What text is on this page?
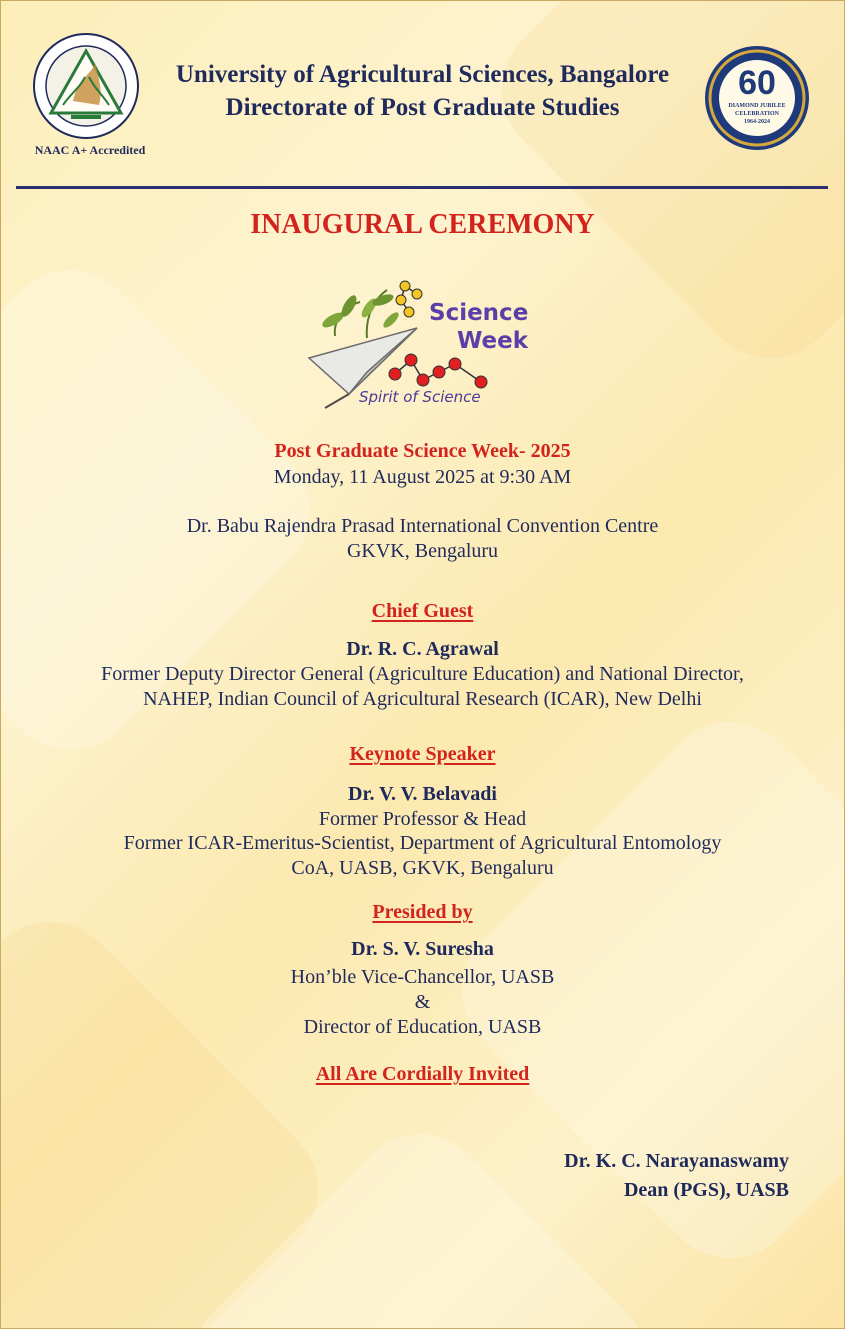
NAAC A+ Accredited
60
DIAMOND JUBILEE
CELEBRATION
1964-2024
University of Agricultural Sciences, Bangalore
Directorate of Post Graduate Studies
INAUGURAL CEREMONY
Science
Week
Spirit of Science
Post Graduate Science Week- 2025
Monday, 11 August 2025 at 9:30 AM
Dr. Babu Rajendra Prasad International Convention Centre
GKVK, Bengaluru
Chief Guest
Dr. R. C. Agrawal
Former Deputy Director General (Agriculture Education) and National Director,
NAHEP, Indian Council of Agricultural Research (ICAR), New Delhi
Keynote Speaker
Dr. V. V. Belavadi
Former Professor & Head
Former ICAR-Emeritus-Scientist, Department of Agricultural Entomology
CoA, UASB, GKVK, Bengaluru
Presided by
Dr. S. V. Suresha
Hon’ble Vice-Chancellor, UASB
&
Director of Education, UASB
All Are Cordially Invited
Dr. K. C. Narayanaswamy
Dean (PGS), UASB
